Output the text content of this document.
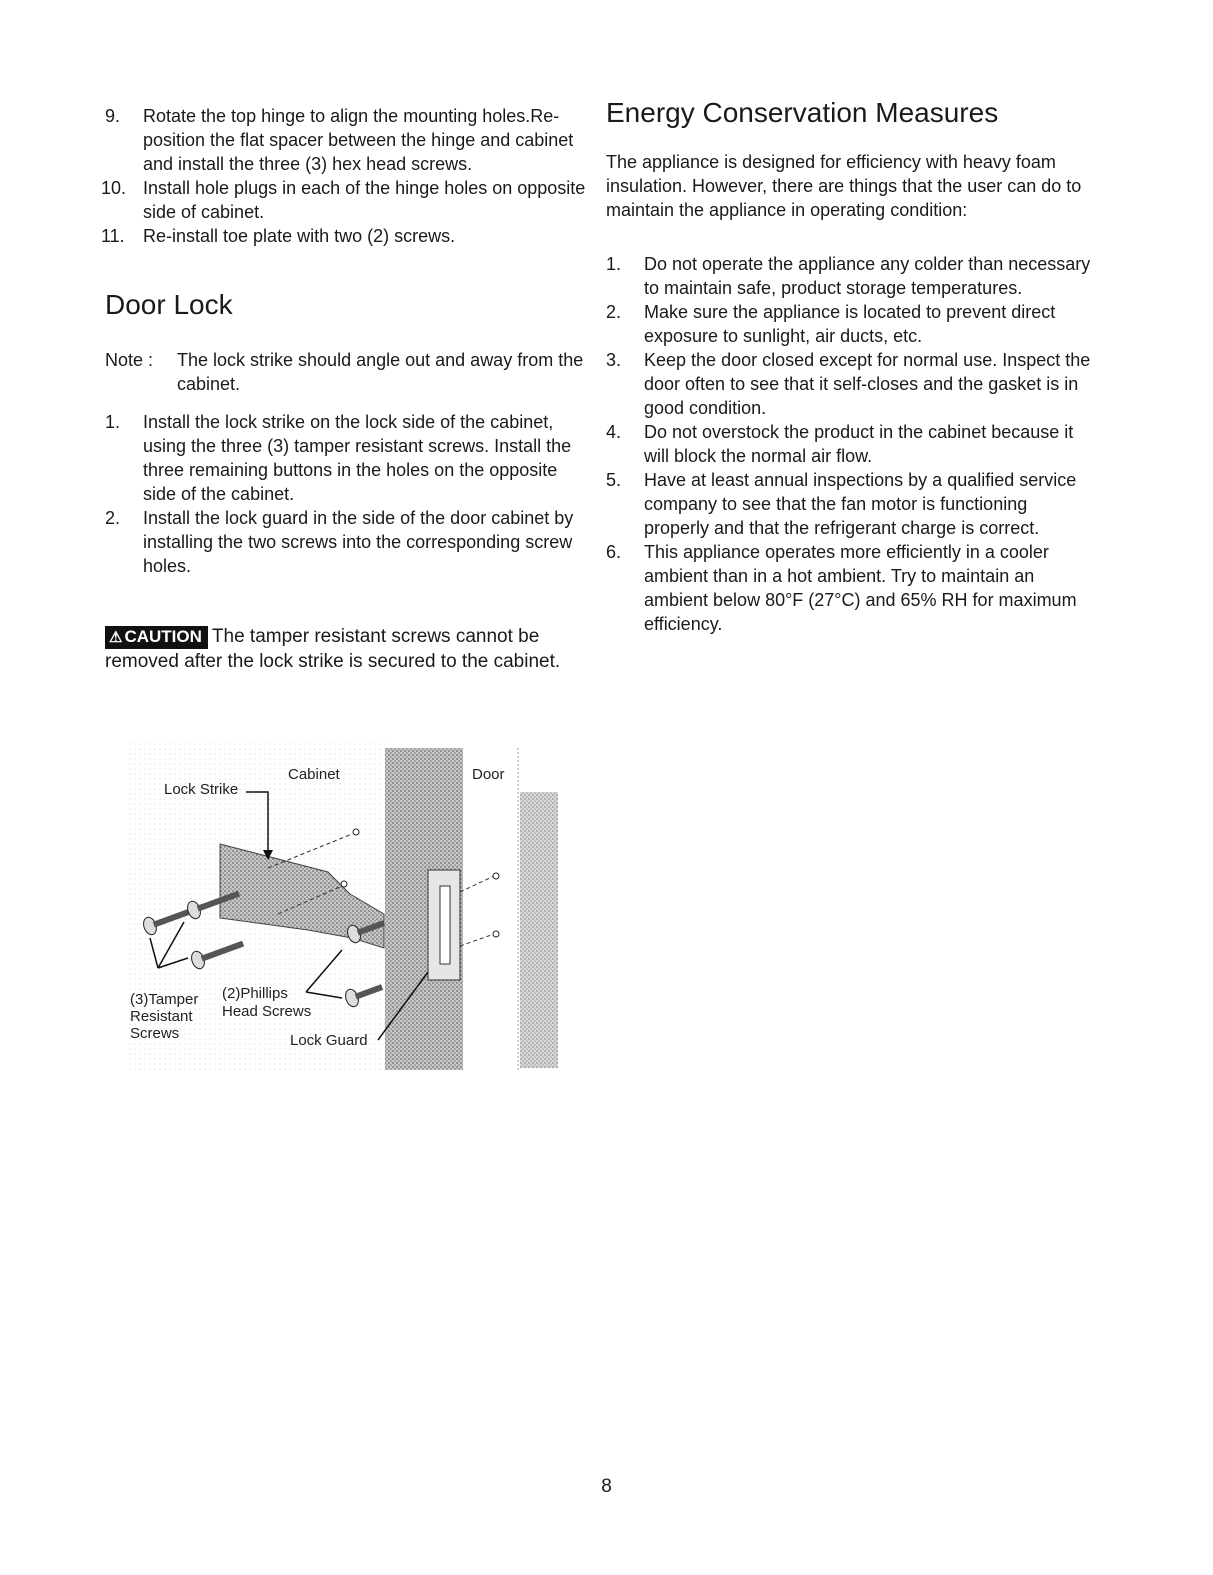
9.	Rotate the top hinge to align the mounting holes.Re-position the flat spacer between the hinge and cabinet and install the three (3) hex head screws.
10. Install hole plugs in each of the hinge holes on opposite side of cabinet.
11.	Re-install toe plate with two (2) screws.
Door Lock
Note : The lock strike should angle out and away from the cabinet.
1.	Install the lock strike on the lock side of the cabinet, using the three (3) tamper resistant screws. Install the three remaining buttons in the holes on the opposite side of the cabinet.
2.	Install the lock guard in the side of the door cabinet by installing the two screws into the corresponding screw holes.

⚠ CAUTION The tamper resistant screws cannot be removed after the lock strike is secured to the cabinet.

Cabinet	Door
Lock Strike
(3)Tamper
Resistant
Screws
(2)Phillips
Head Screws
Lock Guard
Energy Conservation Measures

The appliance is designed for efficiency with heavy foam insulation. However, there are things that the user can do to maintain the appliance in operating condition:

1.	Do not operate the appliance any colder than necessary to maintain safe, product storage temperatures.
2.	Make sure the appliance is located to prevent direct exposure to sunlight, air ducts, etc.
3.	Keep the door closed except for normal use. Inspect the door often to see that it self-closes and the gasket is in good condition.
4.	Do not overstock the product in the cabinet because it will block the normal air flow.
5.	Have at least annual inspections by a qualified service company to see that the fan motor is functioning properly and that the refrigerant charge is correct.
6.	This appliance operates more efficiently in a cooler ambient than in a hot ambient. Try to maintain an ambient below 80°F (27°C) and 65% RH for maximum efficiency.
8
